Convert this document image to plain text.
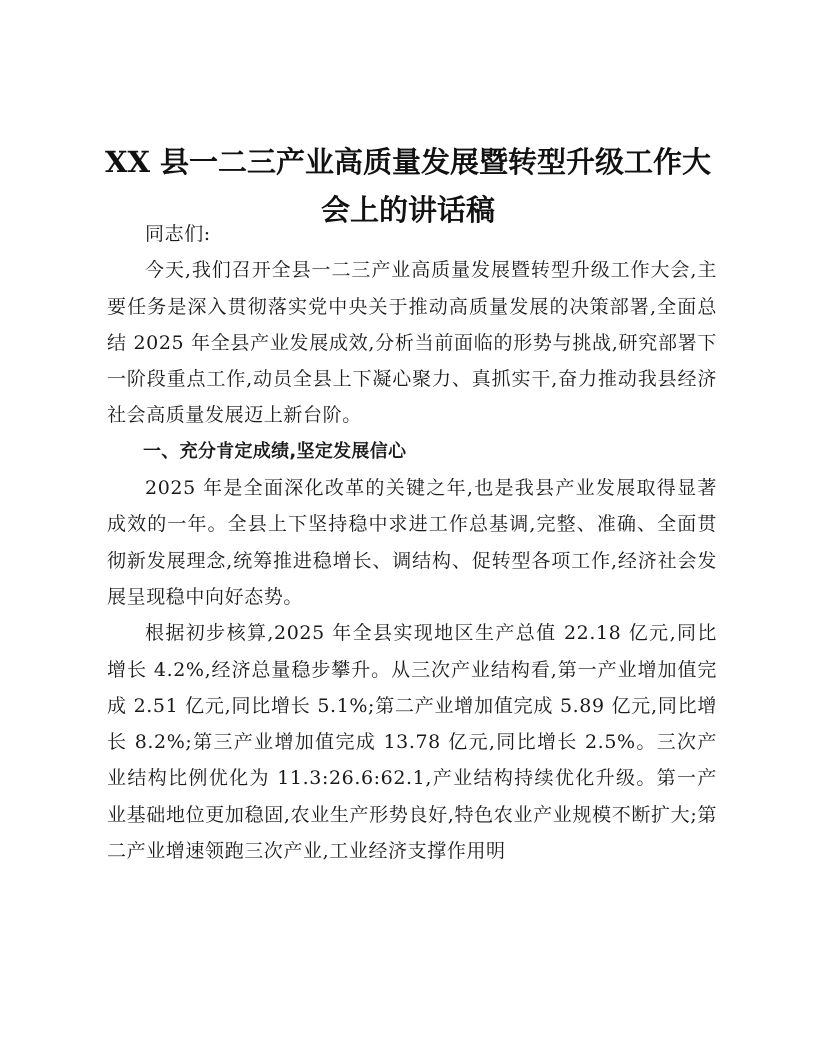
XX 县一二三产业高质量发展暨转型升级工作大会上的讲话稿

同志们:

今天,我们召开全县一二三产业高质量发展暨转型升级工作大会,主要任务是深入贯彻落实党中央关于推动高质量发展的决策部署,全面总结 2025 年全县产业发展成效,分析当前面临的形势与挑战,研究部署下一阶段重点工作,动员全县上下凝心聚力、真抓实干,奋力推动我县经济社会高质量发展迈上新台阶。

一、充分肯定成绩,坚定发展信心

2025 年是全面深化改革的关键之年,也是我县产业发展取得显著成效的一年。全县上下坚持稳中求进工作总基调,完整、准确、全面贯彻新发展理念,统筹推进稳增长、调结构、促转型各项工作,经济社会发展呈现稳中向好态势。

根据初步核算,2025 年全县实现地区生产总值 22.18 亿元,同比增长 4.2%,经济总量稳步攀升。从三次产业结构看,第一产业增加值完成 2.51 亿元,同比增长 5.1%;第二产业增加值完成 5.89 亿元,同比增长 8.2%;第三产业增加值完成 13.78 亿元,同比增长 2.5%。三次产业结构比例优化为 11.3:26.6:62.1,产业结构持续优化升级。第一产业基础地位更加稳固,农业生产形势良好,特色农业产业规模不断扩大;第二产业增速领跑三次产业,工业经济支撑作用明
